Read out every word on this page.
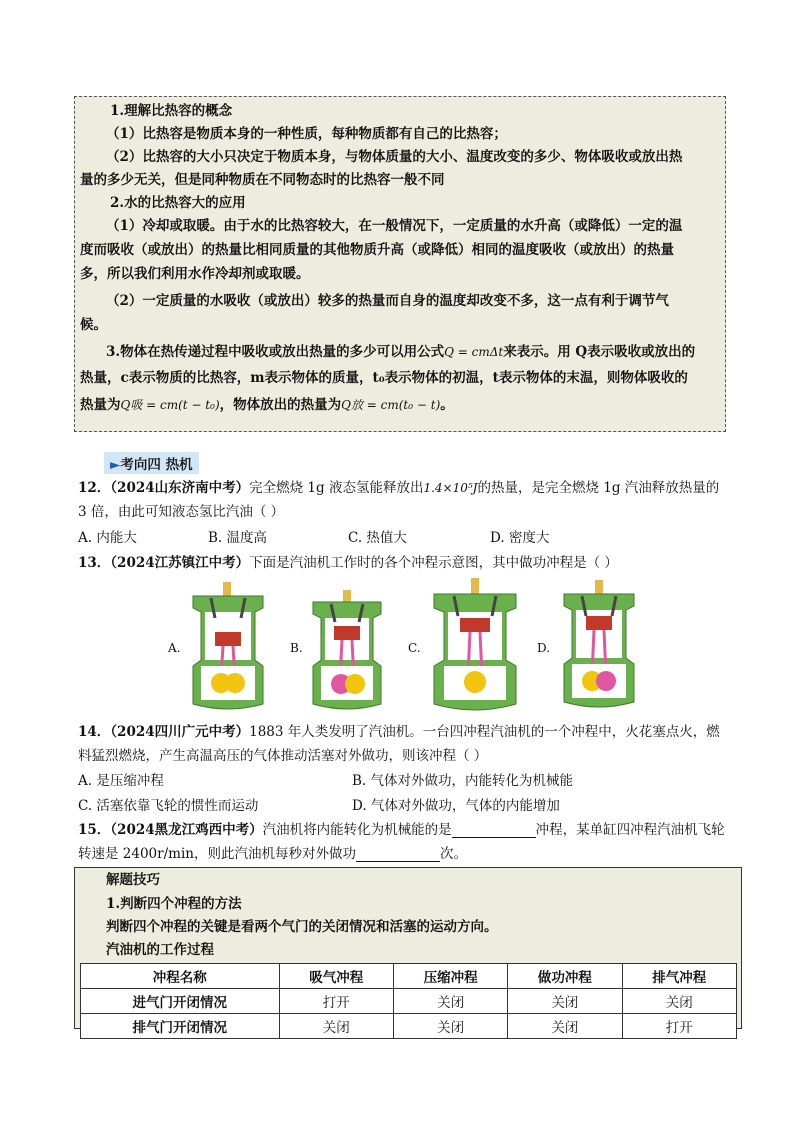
1.理解比热容的概念
（1）比热容是物质本身的一种性质，每种物质都有自己的比热容；
（2）比热容的大小只决定于物质本身，与物体质量的大小、温度改变的多少、物体吸收或放出热
量的多少无关，但是同种物质在不同物态时的比热容一般不同
2.水的比热容大的应用
（1）冷却或取暖。由于水的比热容较大，在一般情况下，一定质量的水升高（或降低）一定的温
度而吸收（或放出）的热量比相同质量的其他物质升高（或降低）相同的温度吸收（或放出）的热量
多，所以我们利用水作冷却剂或取暖。
（2）一定质量的水吸收（或放出）较多的热量而自身的温度却改变不多，这一点有利于调节气
候。
3.物体在热传递过程中吸收或放出热量的多少可以用公式Q = cmΔt来表示。用 Q表示吸收或放出的
热量，c表示物质的比热容，m表示物体的质量，t₀表示物体的初温，t表示物体的末温，则物体吸收的
热量为Q吸 = cm(t − t₀)，物体放出的热量为Q放 = cm(t₀ − t)。
►考向四 热机
12．（2024山东济南中考）完全燃烧 1g 液态氢能释放出1.4×10⁵J的热量，是完全燃烧 1g 汽油释放热量的
3 倍，由此可知液态氢比汽油（ ）
A. 内能大	B. 温度高	C. 热值大	D. 密度大
13．（2024江苏镇江中考）下面是汽油机工作时的各个冲程示意图，其中做功冲程是（ ）
A.	B.	C.	D.
14．（2024四川广元中考）1883 年人类发明了汽油机。一台四冲程汽油机的一个冲程中，火花塞点火，燃
料猛烈燃烧，产生高温高压的气体推动活塞对外做功，则该冲程（ ）
A. 是压缩冲程	B. 气体对外做功，内能转化为机械能
C. 活塞依靠飞轮的惯性而运动	D. 气体对外做功，气体的内能增加
15．（2024黑龙江鸡西中考）汽油机将内能转化为机械能的是	冲程，某单缸四冲程汽油机飞轮
转速是 2400r/min，则此汽油机每秒对外做功	次。
解题技巧
1.判断四个冲程的方法
判断四个冲程的关键是看两个气门的关闭情况和活塞的运动方向。
汽油机的工作过程
冲程名称	吸气冲程	压缩冲程	做功冲程	排气冲程
进气门开闭情况	打开	关闭	关闭	关闭
排气门开闭情况	关闭	关闭	关闭	打开
